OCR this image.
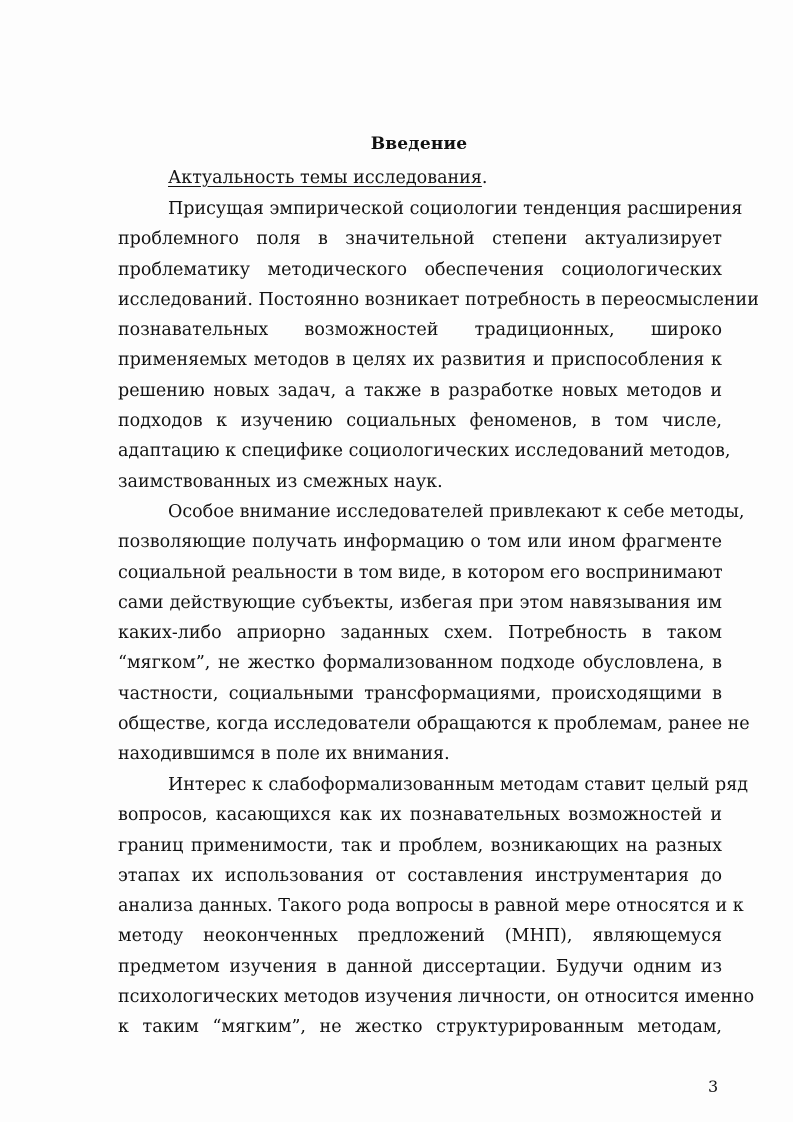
Введение
Актуальность темы исследования.
Присущая эмпирической социологии тенденция расширения
проблемного поля в значительной степени актуализирует
проблематику методического обеспечения социологических
исследований. Постоянно возникает потребность в переосмыслении
познавательных возможностей традиционных, широко
применяемых методов в целях их развития и приспособления к
решению новых задач, а также в разработке новых методов и
подходов к изучению социальных феноменов, в том числе,
адаптацию к специфике социологических исследований методов,
заимствованных из смежных наук.
Особое внимание исследователей привлекают к себе методы,
позволяющие получать информацию о том или ином фрагменте
социальной реальности в том виде, в котором его воспринимают
сами действующие субъекты, избегая при этом навязывания им
каких-либо априорно заданных схем. Потребность в таком
“мягком”, не жестко формализованном подходе обусловлена, в
частности, социальными трансформациями, происходящими в
обществе, когда исследователи обращаются к проблемам, ранее не
находившимся в поле их внимания.
Интерес к слабоформализованным методам ставит целый ряд
вопросов, касающихся как их познавательных возможностей и
границ применимости, так и проблем, возникающих на разных
этапах их использования от составления инструментария до
анализа данных. Такого рода вопросы в равной мере относятся и к
методу неоконченных предложений (МНП), являющемуся
предметом изучения в данной диссертации. Будучи одним из
психологических методов изучения личности, он относится именно
к таким “мягким”, не жестко структурированным методам,
3
